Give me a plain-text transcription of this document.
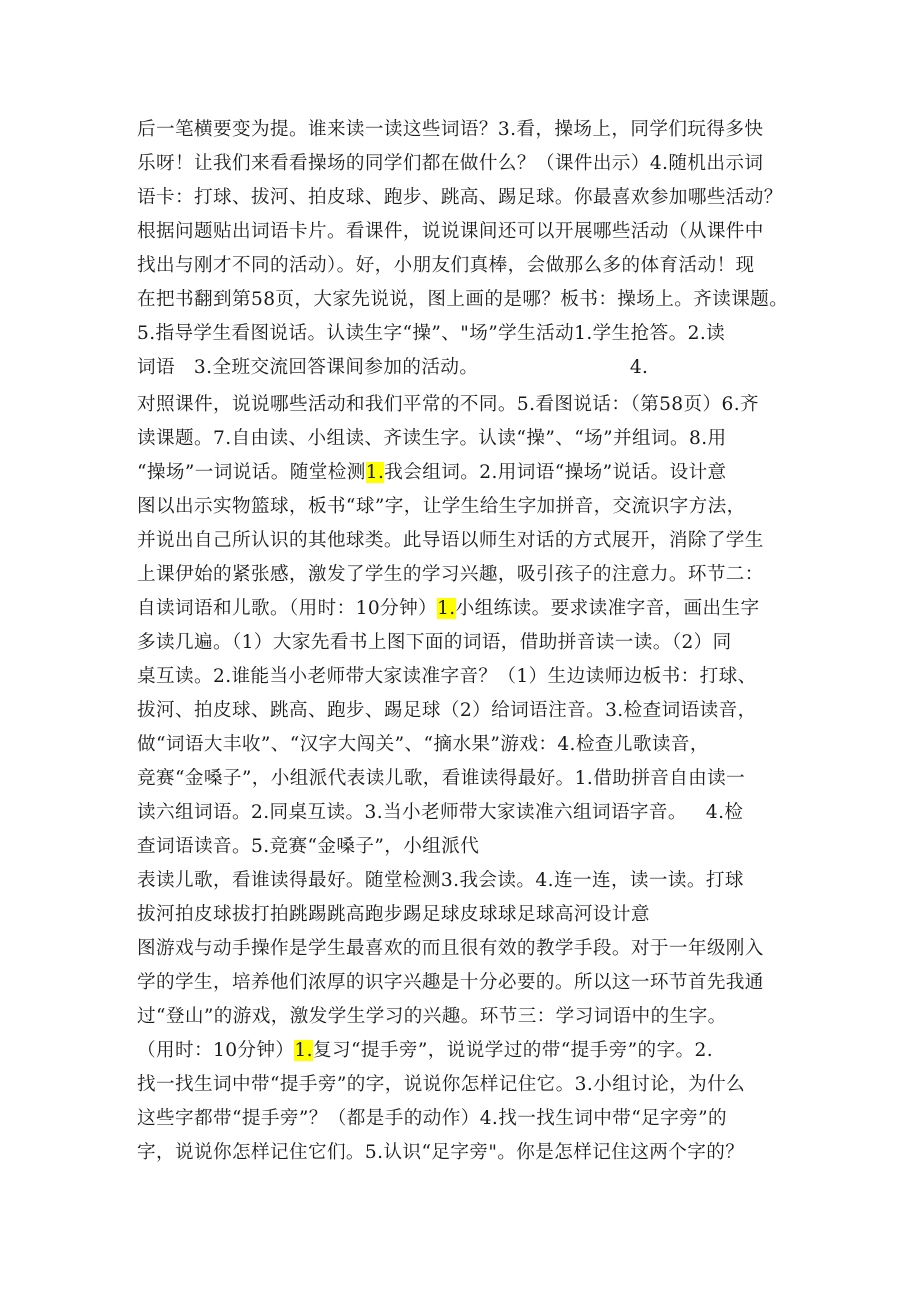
后一笔横要变为提。谁来读一读这些词语？3.看，操场上，同学们玩得多快
乐呀！让我们来看看操场的同学们都在做什么？（课件出示）4.随机出示词
语卡：打球、拔河、拍皮球、跑步、跳高、踢足球。你最喜欢参加哪些活动？
根据问题贴出词语卡片。看课件，说说课间还可以开展哪些活动（从课件中
找出与刚才不同的活动）。好，小朋友们真棒，会做那么多的体育活动！现
在把书翻到第58页，大家先说说，图上画的是哪？板书：操场上。齐读课题。
5.指导学生看图说话。认读生字“操”、"场”学生活动1.学生抢答。2.读
词语   3.全班交流回答课间参加的活动。                        4.
对照课件，说说哪些活动和我们平常的不同。5.看图说话：（第58页）6.齐
读课题。7.自由读、小组读、齐读生字。认读“操”、“场”并组词。8.用
“操场”一词说话。随堂检测1.我会组词。2.用词语“操场”说话。设计意
图以出示实物篮球，板书“球”字，让学生给生字加拼音，交流识字方法，
并说出自己所认识的其他球类。此导语以师生对话的方式展开，消除了学生
上课伊始的紧张感，激发了学生的学习兴趣，吸引孩子的注意力。环节二：
自读词语和儿歌。（用时：10分钟）1.小组练读。要求读准字音，画出生字
多读几遍。（1）大家先看书上图下面的词语，借助拼音读一读。（2）同
桌互读。2.谁能当小老师带大家读准字音？（1）生边读师边板书：打球、
拔河、拍皮球、跳高、跑步、踢足球（2）给词语注音。3.检查词语读音，
做“词语大丰收”、“汉字大闯关”、“摘水果”游戏：4.检查儿歌读音，
竞赛“金嗓子”，小组派代表读儿歌，看谁读得最好。1.借助拼音自由读一
读六组词语。2.同桌互读。3.当小老师带大家读准六组词语字音。   4.检
查词语读音。5.竞赛“金嗓子”，小组派代
表读儿歌，看谁读得最好。随堂检测3.我会读。4.连一连，读一读。打球
拔河拍皮球拔打拍跳踢跳高跑步踢足球皮球球足球高河设计意
图游戏与动手操作是学生最喜欢的而且很有效的教学手段。对于一年级刚入
学的学生，培养他们浓厚的识字兴趣是十分必要的。所以这一环节首先我通
过“登山”的游戏，激发学生学习的兴趣。环节三：学习词语中的生字。
（用时：10分钟）1.复习“提手旁”，说说学过的带“提手旁”的字。2.
找一找生词中带“提手旁”的字，说说你怎样记住它。3.小组讨论，为什么
这些字都带“提手旁”？（都是手的动作）4.找一找生词中带“足字旁”的
字，说说你怎样记住它们。5.认识“足字旁"。你是怎样记住这两个字的？
